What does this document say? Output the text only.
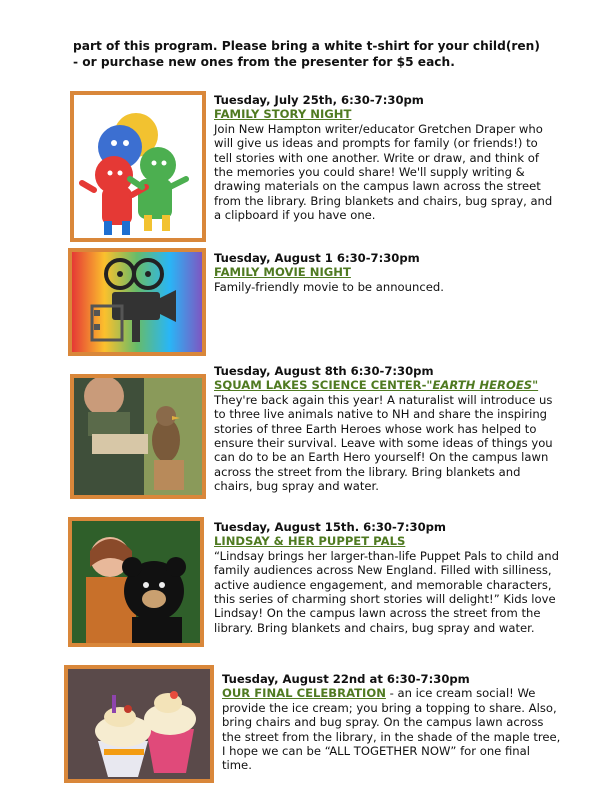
part of this program. Please bring a white t-shirt for your child(ren) - or purchase new ones from the presenter for $5 each.
Tuesday, July 25th, 6:30-7:30pm
FAMILY STORY NIGHT
Join New Hampton writer/educator Gretchen Draper who will give us ideas and prompts for family (or friends!) to tell stories with one another. Write or draw, and think of the memories you could share! We'll supply writing & drawing materials on the campus lawn across the street from the library. Bring blankets and chairs, bug spray, and a clipboard if you have one.
Tuesday, August 1 6:30-7:30pm
FAMILY MOVIE NIGHT
Family-friendly movie to be announced.
Tuesday, August 8th 6:30-7:30pm
SQUAM LAKES SCIENCE CENTER-"EARTH HEROES"
They're back again this year! A naturalist will introduce us to three live animals native to NH and share the inspiring stories of three Earth Heroes whose work has helped to ensure their survival. Leave with some ideas of things you can do to be an Earth Hero yourself! On the campus lawn across the street from the library. Bring blankets and chairs, bug spray and water.
Tuesday, August 15th. 6:30-7:30pm
LINDSAY & HER PUPPET PALS
“Lindsay brings her larger-than-life Puppet Pals to child and family audiences across New England. Filled with silliness, active audience engagement, and memorable characters, this series of charming short stories will delight!” Kids love Lindsay! On the campus lawn across the street from the library. Bring blankets and chairs, bug spray and water.
Tuesday, August 22nd at 6:30-7:30pm
OUR FINAL CELEBRATION - an ice cream social! We provide the ice cream; you bring a topping to share. Also, bring chairs and bug spray. On the campus lawn across the street from the library, in the shade of the maple tree, I hope we can be “ALL TOGETHER NOW” for one final time.
